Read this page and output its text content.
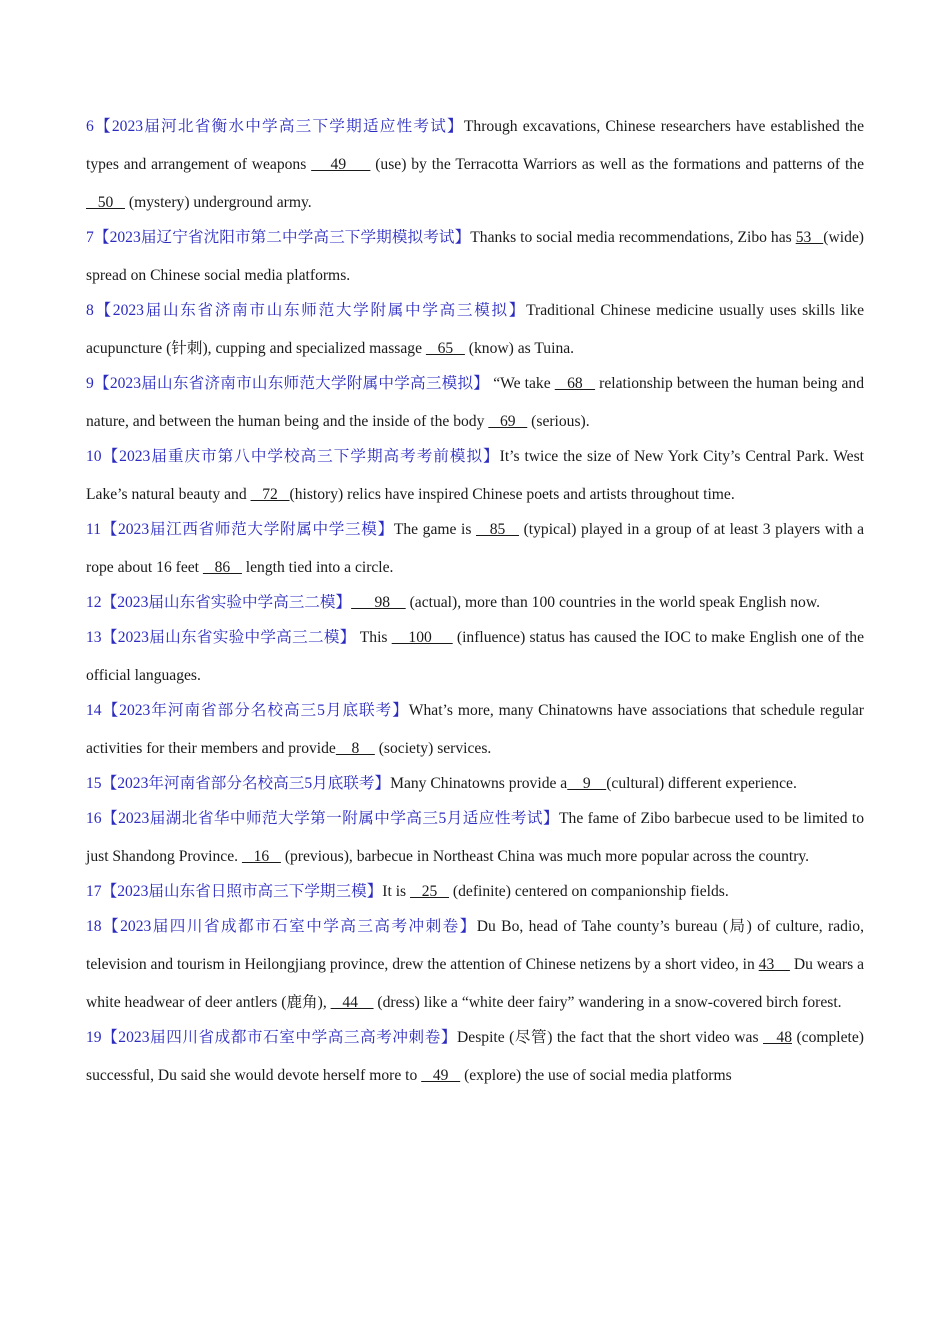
6【2023届河北省衡水中学高三下学期适应性考试】Through excavations, Chinese researchers have established the types and arrangement of weapons     49      (use) by the Terracotta Warriors as well as the formations and patterns of the    50    (mystery) underground army.

7【2023届辽宁省沈阳市第二中学高三下学期模拟考试】Thanks to social media recommendations, Zibo has 53   (wide) spread on Chinese social media platforms.

8【2023届山东省济南市山东师范大学附属中学高三模拟】Traditional Chinese medicine usually uses skills like acupuncture (针刺), cupping and specialized massage    65    (know) as Tuina.

9【2023届山东省济南市山东师范大学附属中学高三模拟】 “We take    68    relationship between the human being and nature, and between the human being and the inside of the body    69    (serious).

10【2023届重庆市第八中学校高三下学期高考考前模拟】It’s twice the size of New York City’s Central Park. West Lake’s natural beauty and    72   (history) relics have inspired Chinese poets and artists throughout time.

11【2023届江西省师范大学附属中学三模】The game is    85    (typical) played in a group of at least 3 players with a rope about 16 feet    86    length tied into a circle.

12【2023届山东省实验中学高三二模】      98     (actual), more than 100 countries in the world speak English now.

13【2023届山东省实验中学高三二模】 This     100      (influence) status has caused the IOC to make English one of the official languages.

14【2023年河南省部分名校高三5月底联考】What’s more, many Chinatowns have associations that schedule regular activities for their members and provide    8     (society) services.

15【2023年河南省部分名校高三5月底联考】Many Chinatowns provide a    9    (cultural) different experience.

16【2023届湖北省华中师范大学第一附属中学高三5月适应性考试】The fame of Zibo barbecue used to be limited to just Shandong Province.    16    (previous), barbecue in Northeast China was much more popular across the country.

17【2023届山东省日照市高三下学期三模】It is    25    (definite) centered on companionship fields.

18【2023届四川省成都市石室中学高三高考冲刺卷】Du Bo, head of Tahe county’s bureau (局) of culture, radio, television and tourism in Heilongjiang province, drew the attention of Chinese netizens by a short video, in 43     Du wears a white headwear of deer antlers (鹿角),    44     (dress) like a “white deer fairy” wandering in a snow-covered birch forest.

19【2023届四川省成都市石室中学高三高考冲刺卷】Despite (尽管) the fact that the short video was    48 (complete) successful, Du said she would devote herself more to    49    (explore) the use of social media platforms
